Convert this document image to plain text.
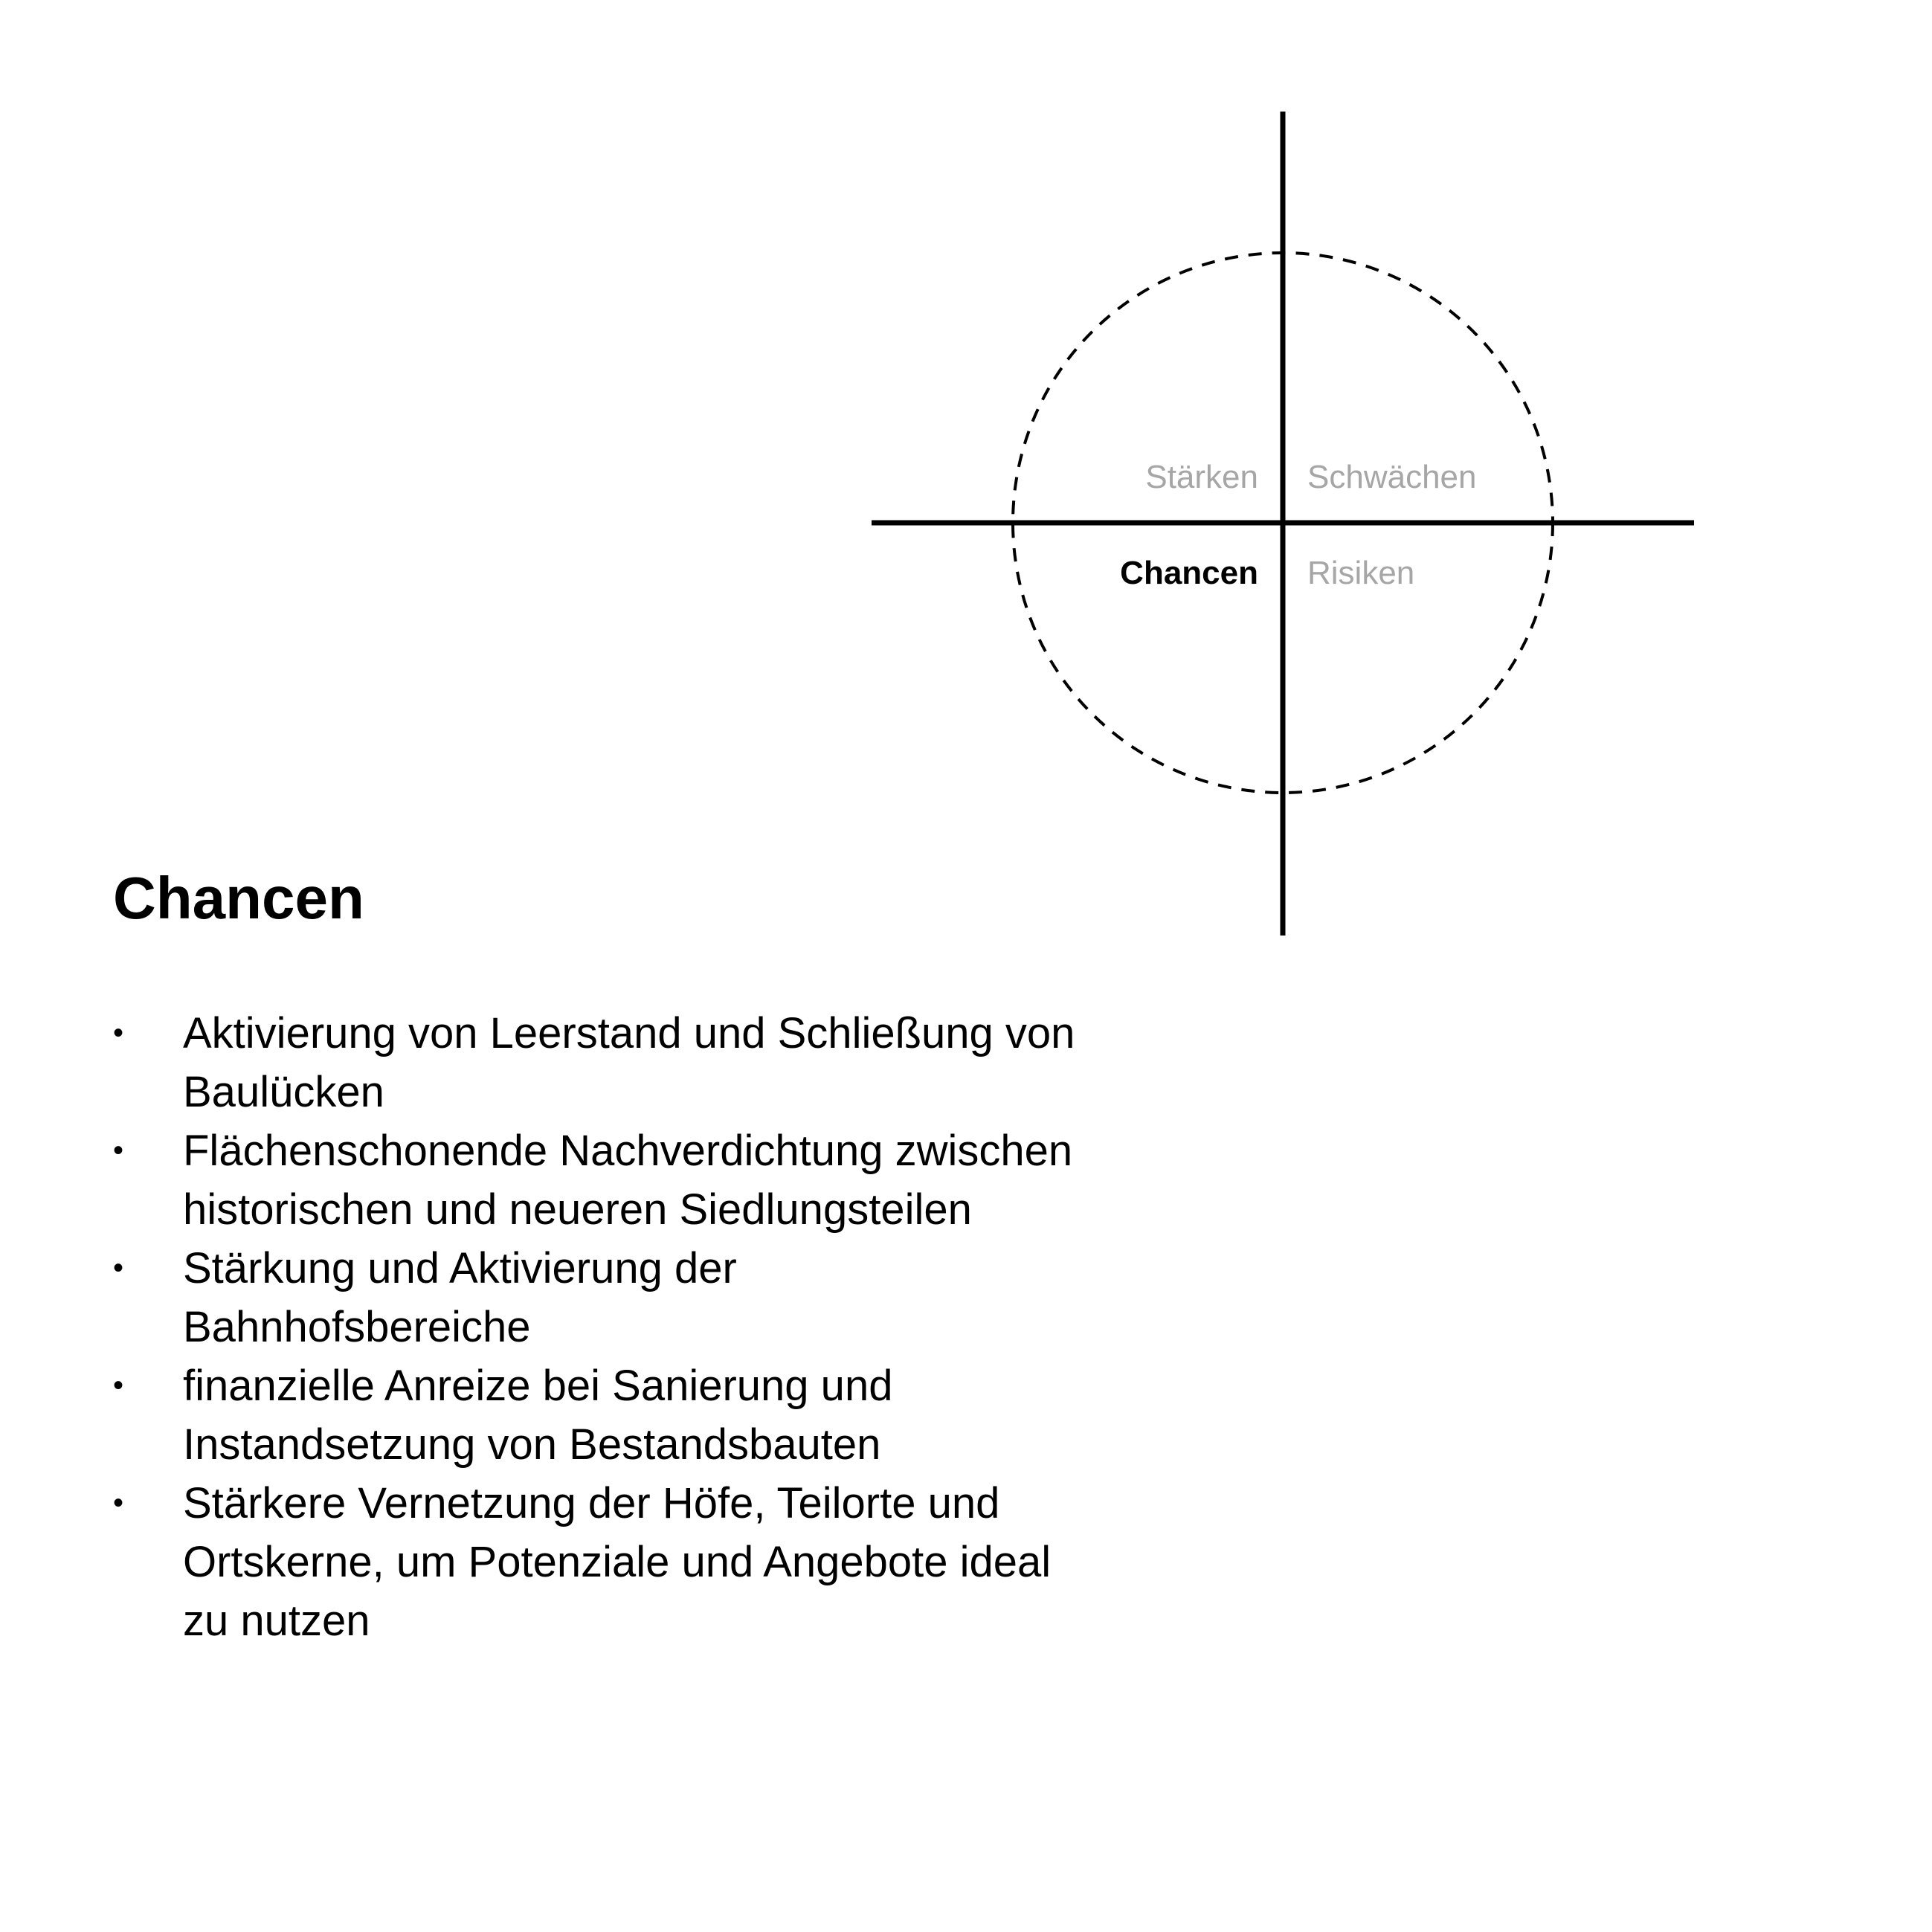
Stärken Schwächen
Chancen Risiken
Chancen
• Aktivierung von Leerstand und Schließung von Baulücken
• Flächenschonende Nachverdichtung zwischen historischen und neueren Siedlungsteilen
• Stärkung und Aktivierung der Bahnhofsbereiche
• finanzielle Anreize bei Sanierung und Instandsetzung von Bestandsbauten
• Stärkere Vernetzung der Höfe, Teilorte und Ortskerne, um Potenziale und Angebote ideal zu nutzen
